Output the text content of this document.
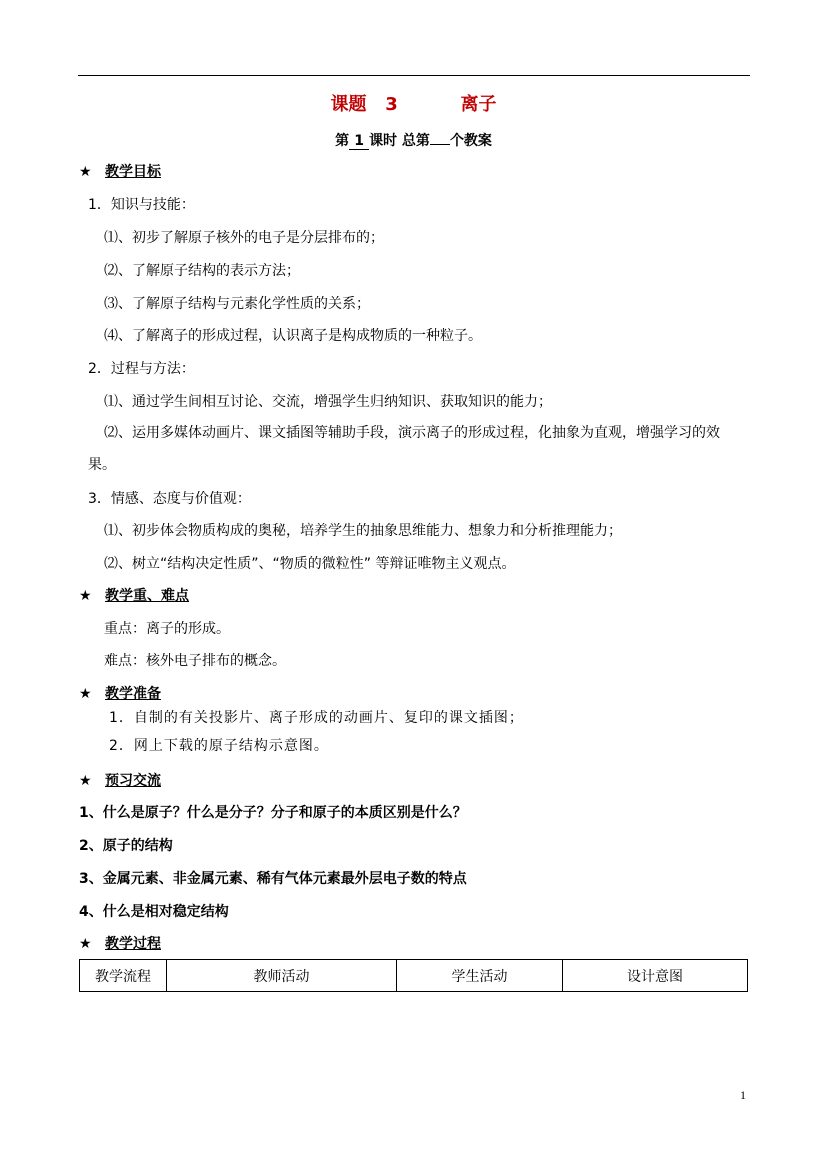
课题   3          离子
第 1 课时 总第 个教案
★ 教学目标
1．知识与技能：
⑴、初步了解原子核外的电子是分层排布的；
⑵、了解原子结构的表示方法；
⑶、了解原子结构与元素化学性质的关系；
⑷、了解离子的形成过程，认识离子是构成物质的一种粒子。
2．过程与方法：
⑴、通过学生间相互讨论、交流，增强学生归纳知识、获取知识的能力；
⑵、运用多媒体动画片、课文插图等辅助手段，演示离子的形成过程，化抽象为直观，增强学习的效
果。
3．情感、态度与价值观：
⑴、初步体会物质构成的奥秘，培养学生的抽象思维能力、想象力和分析推理能力；
⑵、树立“结构决定性质”、“物质的微粒性” 等辩证唯物主义观点。
★ 教学重、难点
重点：离子的形成。
难点：核外电子排布的概念。
★ 教学准备
1．自制的有关投影片、离子形成的动画片、复印的课文插图；
2．网上下载的原子结构示意图。
★ 预习交流
1、什么是原子？什么是分子？分子和原子的本质区别是什么？
2、原子的结构
3、金属元素、非金属元素、稀有气体元素最外层电子数的特点
4、什么是相对稳定结构
★ 教学过程
教学流程	教师活动	学生活动	设计意图
1
